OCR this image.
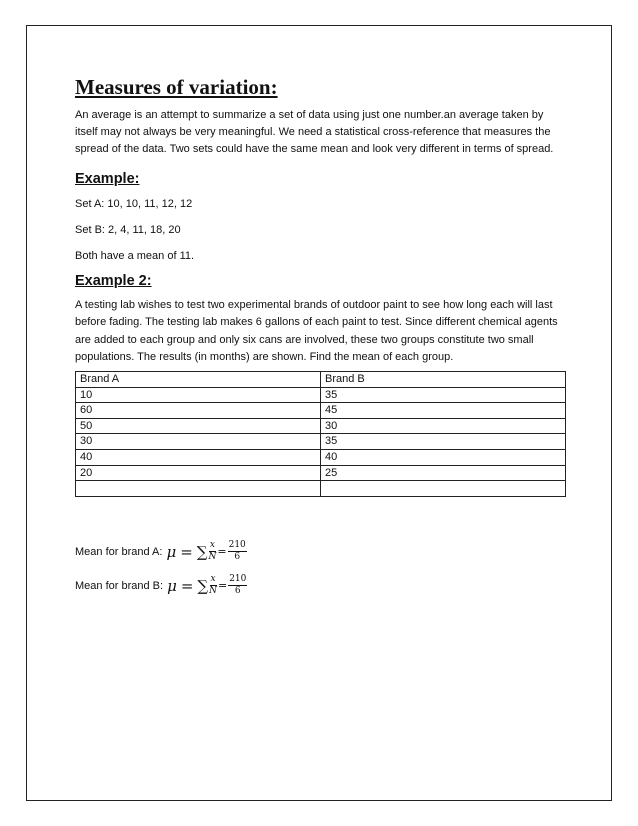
Measures of variation:

An average is an attempt to summarize a set of data using just one number.an average taken by itself may not always be very meaningful. We need a statistical cross-reference that measures the spread of the data. Two sets could have the same mean and look very different in terms of spread.

Example:

Set A: 10, 10, 11, 12, 12

Set B: 2, 4, 11, 18, 20

Both have a mean of 11.

Example 2:

A testing lab wishes to test two experimental brands of outdoor paint to see how long each will last before fading. The testing lab makes 6 gallons of each paint to test. Since different chemical agents are added to each group and only six cans are involved, these two groups constitute two small populations. The results (in months) are shown. Find the mean of each group.

Brand A	Brand B
10	35
60	45
50	30
30	35
40	40
20	25

Mean for brand A: μ = ∑ $\frac{x}{N} = \frac{210}{6}$
Mean for brand B: μ = ∑ $\frac{x}{N} = \frac{210}{6}$
